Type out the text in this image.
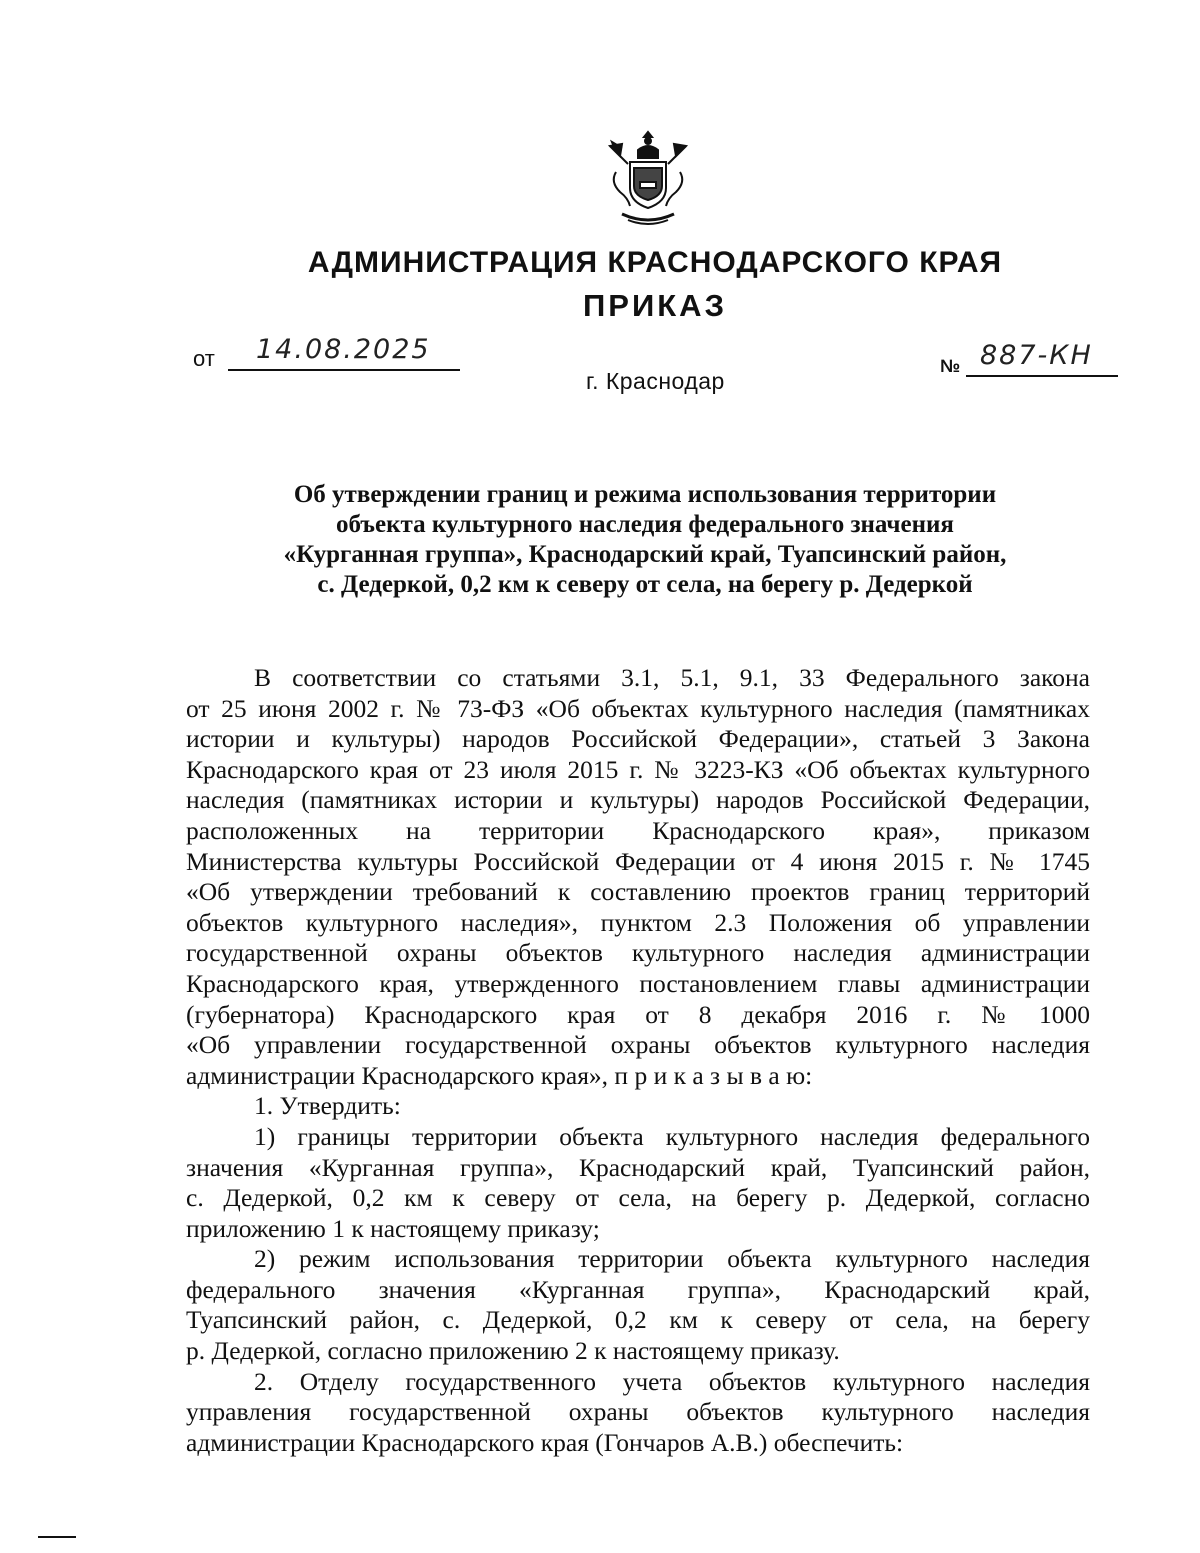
АДМИНИСТРАЦИЯ КРАСНОДАРСКОГО КРАЯ
ПРИКАЗ
от 14.08.2025
г. Краснодар
№ 887-КН
Об утверждении границ и режима использования территории
объекта культурного наследия федерального значения
«Курганная группа», Краснодарский край, Туапсинский район,
с. Дедеркой, 0,2 км к северу от села, на берегу р. Дедеркой
В соответствии со статьями 3.1, 5.1, 9.1, 33 Федерального закона
от 25 июня 2002 г. № 73-ФЗ «Об объектах культурного наследия (памятниках
истории и культуры) народов Российской Федерации», статьей 3 Закона
Краснодарского края от 23 июля 2015 г. № 3223-КЗ «Об объектах культурного
наследия (памятниках истории и культуры) народов Российской Федерации,
расположенных на территории Краснодарского края», приказом
Министерства культуры Российской Федерации от 4 июня 2015 г. № 1745
«Об утверждении требований к составлению проектов границ территорий
объектов культурного наследия», пунктом 2.3 Положения об управлении
государственной охраны объектов культурного наследия администрации
Краснодарского края, утвержденного постановлением главы администрации
(губернатора) Краснодарского края от 8 декабря 2016 г. № 1000
«Об управлении государственной охраны объектов культурного наследия
администрации Краснодарского края», п р и к а з ы в а ю:
1. Утвердить:
1) границы территории объекта культурного наследия федерального
значения «Курганная группа», Краснодарский край, Туапсинский район,
с. Дедеркой, 0,2 км к северу от села, на берегу р. Дедеркой, согласно
приложению 1 к настоящему приказу;
2) режим использования территории объекта культурного наследия
федерального значения «Курганная группа», Краснодарский край,
Туапсинский район, с. Дедеркой, 0,2 км к северу от села, на берегу
р. Дедеркой, согласно приложению 2 к настоящему приказу.
2. Отделу государственного учета объектов культурного наследия
управления государственной охраны объектов культурного наследия
администрации Краснодарского края (Гончаров А.В.) обеспечить:
